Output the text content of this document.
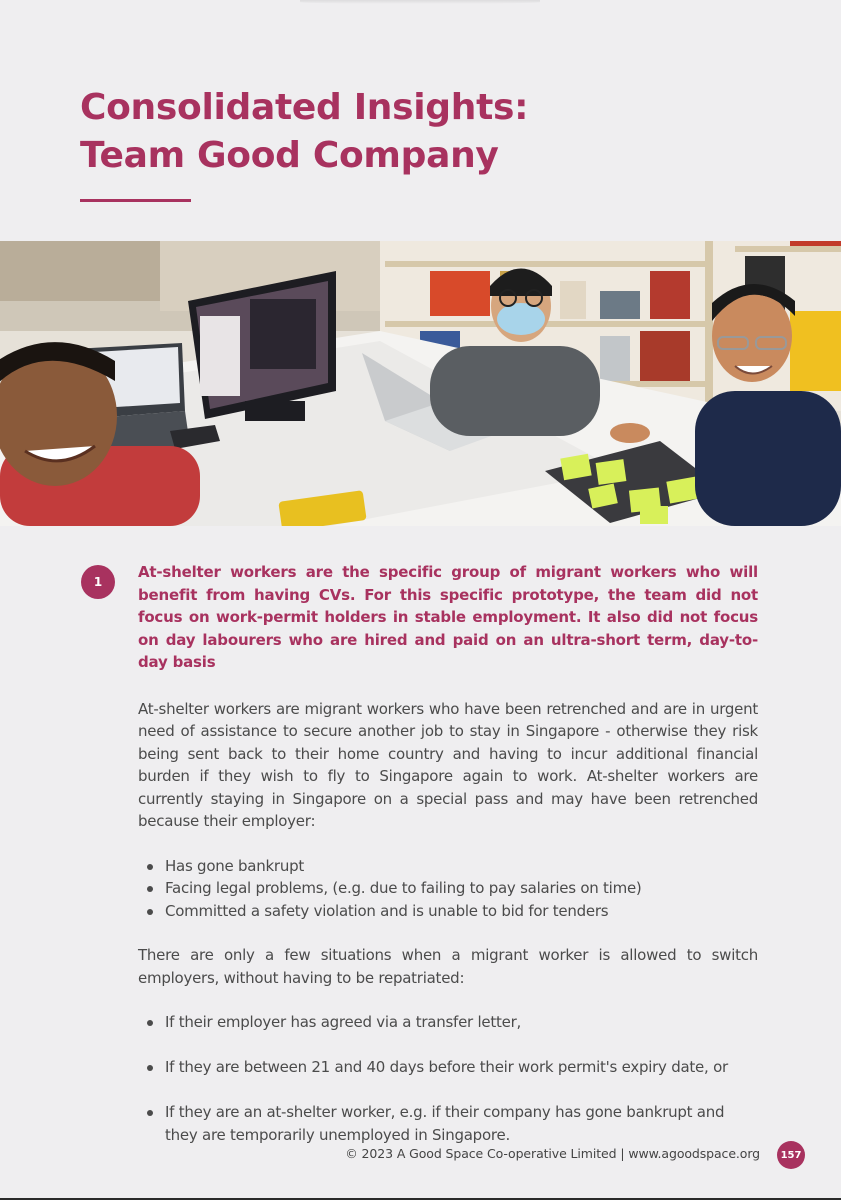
Consolidated Insights:
Team Good Company
1

At-shelter workers are the specific group of migrant workers who will benefit from having CVs. For this specific prototype, the team did not focus on work-permit holders in stable employment. It also did not focus on day labourers who are hired and paid on an ultra-short term, day-to-day basis

At-shelter workers are migrant workers who have been retrenched and are in urgent need of assistance to secure another job to stay in Singapore - otherwise they risk being sent back to their home country and having to incur additional financial burden if they wish to fly to Singapore again to work. At-shelter workers are currently staying in Singapore on a special pass and may have been retrenched because their employer:

Has gone bankrupt
Facing legal problems, (e.g. due to failing to pay salaries on time)
Committed a safety violation and is unable to bid for tenders

There are only a few situations when a migrant worker is allowed to switch employers, without having to be repatriated:

If their employer has agreed via a transfer letter,
If they are between 21 and 40 days before their work permit's expiry date, or
If they are an at-shelter worker, e.g. if their company has gone bankrupt and they are temporarily unemployed in Singapore.
© 2023 A Good Space Co-operative Limited | www.agoodspace.org	157
